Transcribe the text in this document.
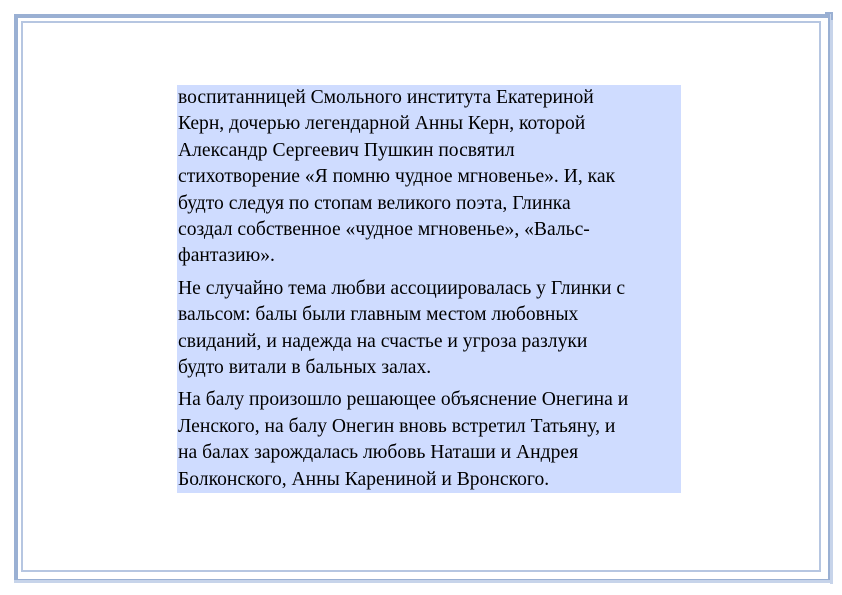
воспитанницей Смольного института Екатериной
Керн, дочерью легендарной Анны Керн, которой
Александр Сергеевич Пушкин посвятил
стихотворение «Я помню чудное мгновенье». И, как
будто следуя по стопам великого поэта, Глинка
создал собственное «чудное мгновенье», «Вальс-
фантазию».

Не случайно тема любви ассоциировалась у Глинки с
вальсом: балы были главным местом любовных
свиданий, и надежда на счастье и угроза разлуки
будто витали в бальных залах.

На балу произошло решающее объяснение Онегина и
Ленского, на балу Онегин вновь встретил Татьяну, и
на балах зарождалась любовь Наташи и Андрея
Болконского, Анны Карениной и Вронского.
